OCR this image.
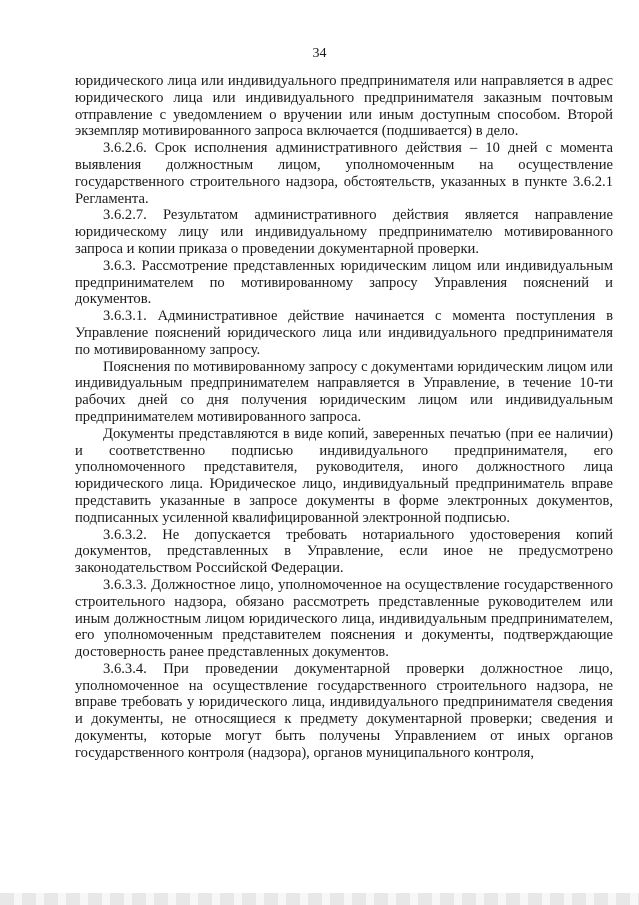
34

юридического лица или индивидуального предпринимателя или направляется в адрес юридического лица или индивидуального предпринимателя заказным почтовым отправление с уведомлением о вручении или иным доступным способом. Второй экземпляр мотивированного запроса включается (подшивается) в дело.

3.6.2.6. Срок исполнения административного действия – 10 дней с момента выявления должностным лицом, уполномоченным на осуществление государственного строительного надзора, обстоятельств, указанных в пункте 3.6.2.1 Регламента.

3.6.2.7. Результатом административного действия является направление юридическому лицу или индивидуальному предпринимателю мотивированного запроса и копии приказа о проведении документарной проверки.

3.6.3. Рассмотрение представленных юридическим лицом или индивидуальным предпринимателем по мотивированному запросу Управления пояснений и документов.

3.6.3.1. Административное действие начинается с момента поступления в Управление пояснений юридического лица или индивидуального предпринимателя по мотивированному запросу.

Пояснения по мотивированному запросу с документами юридическим лицом или индивидуальным предпринимателем направляется в Управление, в течение 10-ти рабочих дней со дня получения юридическим лицом или индивидуальным предпринимателем мотивированного запроса.

Документы представляются в виде копий, заверенных печатью (при ее наличии) и соответственно подписью индивидуального предпринимателя, его уполномоченного представителя, руководителя, иного должностного лица юридического лица. Юридическое лицо, индивидуальный предприниматель вправе представить указанные в запросе документы в форме электронных документов, подписанных усиленной квалифицированной электронной подписью.

3.6.3.2. Не допускается требовать нотариального удостоверения копий документов, представленных в Управление, если иное не предусмотрено законодательством Российской Федерации.

3.6.3.3. Должностное лицо, уполномоченное на осуществление государственного строительного надзора, обязано рассмотреть представленные руководителем или иным должностным лицом юридического лица, индивидуальным предпринимателем, его уполномоченным представителем пояснения и документы, подтверждающие достоверность ранее представленных документов.

3.6.3.4. При проведении документарной проверки должностное лицо, уполномоченное на осуществление государственного строительного надзора, не вправе требовать у юридического лица, индивидуального предпринимателя сведения и документы, не относящиеся к предмету документарной проверки; сведения и документы, которые могут быть получены Управлением от иных органов государственного контроля (надзора), органов муниципального контроля,
